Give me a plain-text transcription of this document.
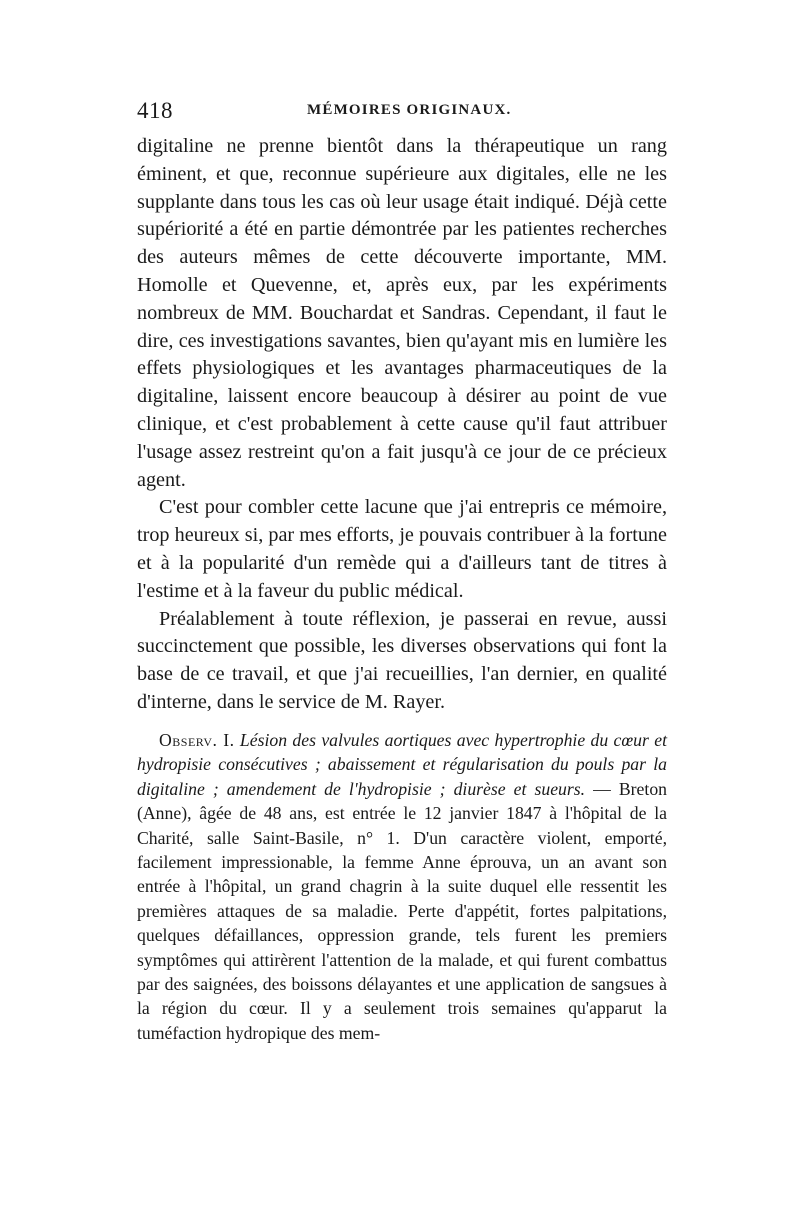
418	MÉMOIRES ORIGINAUX.

digitaline ne prenne bientôt dans la thérapeutique un rang éminent, et que, reconnue supérieure aux digitales, elle ne les supplante dans tous les cas où leur usage était indiqué. Déjà cette supériorité a été en partie démontrée par les patientes recherches des auteurs mêmes de cette découverte importante, MM. Homolle et Quevenne, et, après eux, par les expériments nombreux de MM. Bouchardat et Sandras. Cependant, il faut le dire, ces investigations savantes, bien qu'ayant mis en lumière les effets physiologiques et les avantages pharmaceutiques de la digitaline, laissent encore beaucoup à désirer au point de vue clinique, et c'est probablement à cette cause qu'il faut attribuer l'usage assez restreint qu'on a fait jusqu'à ce jour de ce précieux agent.

C'est pour combler cette lacune que j'ai entrepris ce mémoire, trop heureux si, par mes efforts, je pouvais contribuer à la fortune et à la popularité d'un remède qui a d'ailleurs tant de titres à l'estime et à la faveur du public médical.

Préalablement à toute réflexion, je passerai en revue, aussi succinctement que possible, les diverses observations qui font la base de ce travail, et que j'ai recueillies, l'an dernier, en qualité d'interne, dans le service de M. Rayer.

Observ. I. Lésion des valvules aortiques avec hypertrophie du cœur et hydropisie consécutives ; abaissement et régularisation du pouls par la digitaline ; amendement de l'hydropisie ; diurèse et sueurs. — Breton (Anne), âgée de 48 ans, est entrée le 12 janvier 1847 à l'hôpital de la Charité, salle Saint-Basile, n° 1. D'un caractère violent, emporté, facilement impressionable, la femme Anne éprouva, un an avant son entrée à l'hôpital, un grand chagrin à la suite duquel elle ressentit les premières attaques de sa maladie. Perte d'appétit, fortes palpitations, quelques défaillances, oppression grande, tels furent les premiers symptômes qui attirèrent l'attention de la malade, et qui furent combattus par des saignées, des boissons délayantes et une application de sangsues à la région du cœur. Il y a seulement trois semaines qu'apparut la tuméfaction hydropique des mem-
